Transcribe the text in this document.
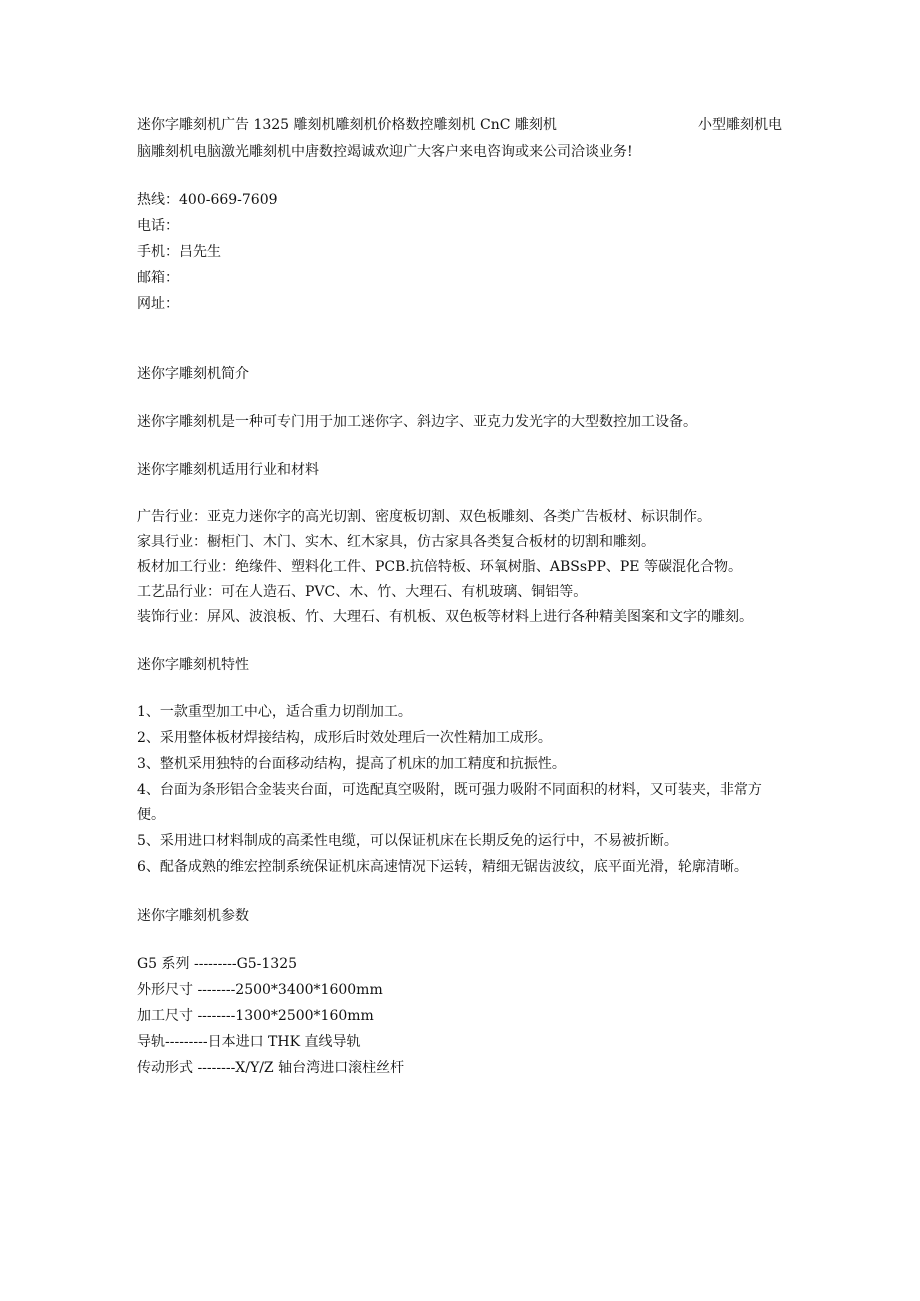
迷你字雕刻机广告 1325 雕刻机雕刻机价格数控雕刻机 CnC 雕刻机	小型雕刻机电
脑雕刻机电脑激光雕刻机中唐数控竭诚欢迎广大客户来电咨询或来公司洽谈业务!
热线：400-669-7609
电话：
手机：吕先生
邮箱：
网址：
迷你字雕刻机简介
迷你字雕刻机是一种可专门用于加工迷你字、斜边字、亚克力发光字的大型数控加工设备。
迷你字雕刻机适用行业和材料
广告行业：亚克力迷你字的高光切割、密度板切割、双色板雕刻、各类广告板材、标识制作。
家具行业：橱柜门、木门、实木、红木家具，仿古家具各类复合板材的切割和雕刻。
板材加工行业：绝缘件、塑料化工件、PCB.抗倍特板、环氧树脂、ABSsPP、PE 等碳混化合物。
工艺品行业：可在人造石、PVC、木、竹、大理石、有机玻璃、铜铝等。
装饰行业：屏风、波浪板、竹、大理石、有机板、双色板等材料上进行各种精美图案和文字的雕刻。
迷你字雕刻机特性
1、一款重型加工中心，适合重力切削加工。
2、采用整体板材焊接结构，成形后时效处理后一次性精加工成形。
3、整机采用独特的台面移动结构，提高了机床的加工精度和抗振性。
4、台面为条形铝合金装夹台面，可选配真空吸附，既可强力吸附不同面积的材料，又可装夹，非常方便。
5、采用进口材料制成的高柔性电缆，可以保证机床在长期反免的运行中，不易被折断。
6、配备成熟的维宏控制系统保证机床高速情况下运转，精细无锯齿波纹，底平面光滑，轮廓清晰。
迷你字雕刻机参数
G5 系列 ---------G5-1325
外形尺寸 --------2500*3400*1600mm
加工尺寸 --------1300*2500*160mm
导轨---------日本进口 THK 直线导轨
传动形式 --------X/Y/Z 轴台湾进口滚柱丝杆
